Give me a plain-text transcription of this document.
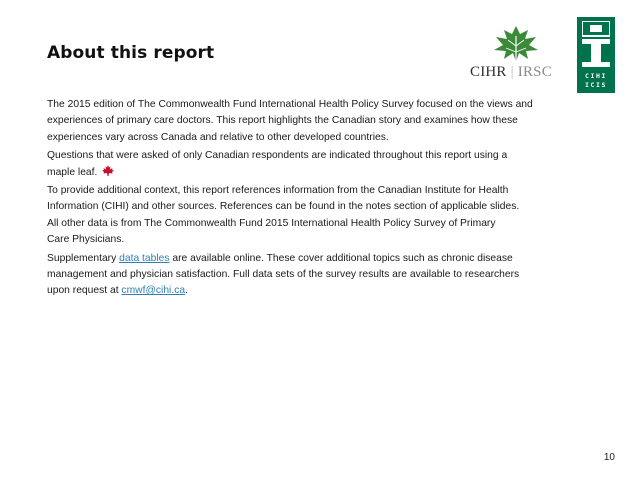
About this report
CIHR | IRSC	CIHI
ICIS

The 2015 edition of The Commonwealth Fund International Health Policy Survey focused on the views and
experiences of primary care doctors. This report highlights the Canadian story and examines how these
experiences vary across Canada and relative to other developed countries.

Questions that were asked of only Canadian respondents are indicated throughout this report using a
maple leaf.

To provide additional context, this report references information from the Canadian Institute for Health
Information (CIHI) and other sources. References can be found in the notes section of applicable slides.
All other data is from The Commonwealth Fund 2015 International Health Policy Survey of Primary
Care Physicians.

Supplementary data tables are available online. These cover additional topics such as chronic disease
management and physician satisfaction. Full data sets of the survey results are available to researchers
upon request at cmwf@cihi.ca.

10
